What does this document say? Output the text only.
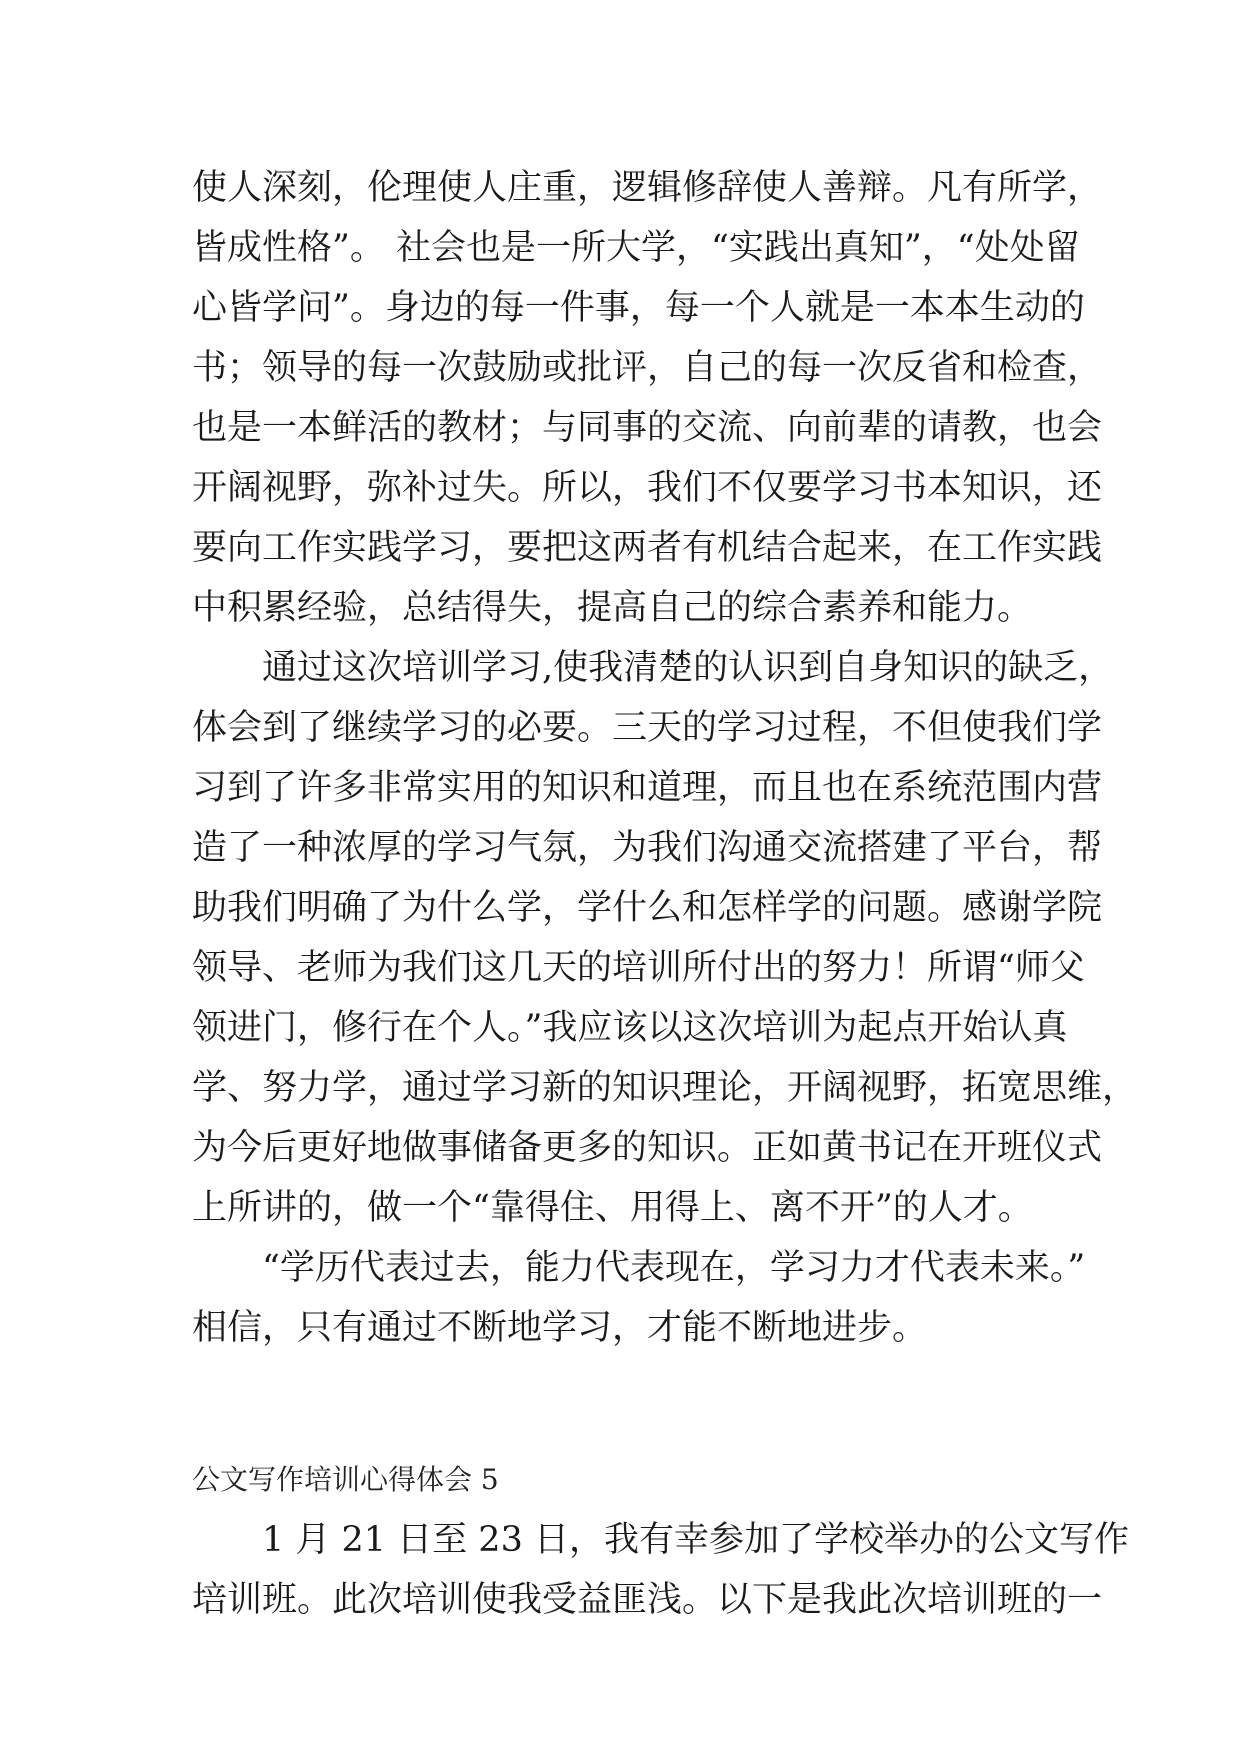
使人深刻，伦理使人庄重，逻辑修辞使人善辩。凡有所学，
皆成性格”。 社会也是一所大学，“实践出真知”，“处处留
心皆学问”。身边的每一件事，每一个人就是一本本生动的
书；领导的每一次鼓励或批评，自己的每一次反省和检查，
也是一本鲜活的教材；与同事的交流、向前辈的请教，也会
开阔视野，弥补过失。所以，我们不仅要学习书本知识，还
要向工作实践学习，要把这两者有机结合起来，在工作实践
中积累经验，总结得失，提高自己的综合素养和能力。
通过这次培训学习,使我清楚的认识到自身知识的缺乏，
体会到了继续学习的必要。三天的学习过程，不但使我们学
习到了许多非常实用的知识和道理，而且也在系统范围内营
造了一种浓厚的学习气氛，为我们沟通交流搭建了平台，帮
助我们明确了为什么学，学什么和怎样学的问题。感谢学院
领导、老师为我们这几天的培训所付出的努力！所谓“师父
领进门，修行在个人。”我应该以这次培训为起点开始认真
学、努力学，通过学习新的知识理论，开阔视野，拓宽思维，
为今后更好地做事储备更多的知识。正如黄书记在开班仪式
上所讲的，做一个“靠得住、用得上、离不开”的人才。
“学历代表过去，能力代表现在，学习力才代表未来。”
相信，只有通过不断地学习，才能不断地进步。
公文写作培训心得体会 5
1 月 21 日至 23 日，我有幸参加了学校举办的公文写作
培训班。此次培训使我受益匪浅。以下是我此次培训班的一
